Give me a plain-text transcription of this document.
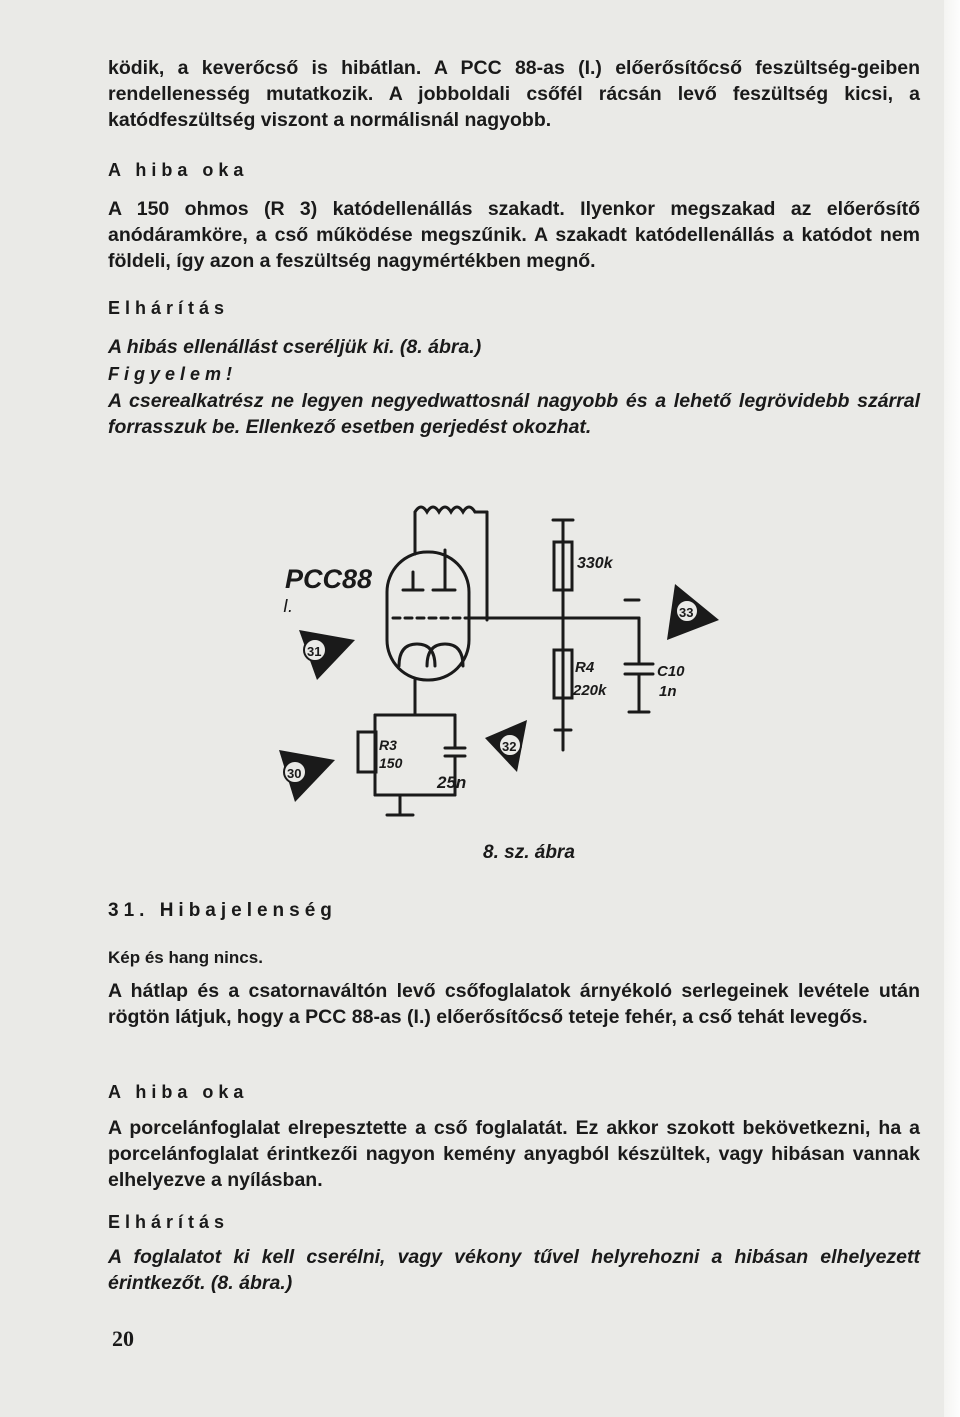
ködik, a keverőcső is hibátlan. A PCC 88-as (I.) előerősítőcső feszültség-geiben rendellenesség mutatkozik. A jobboldali csőfél rácsán levő feszültség kicsi, a katódfeszültség viszont a normálisnál nagyobb.

A hiba oka

A 150 ohmos (R 3) katódellenállás szakadt. Ilyenkor megszakad az előerősítő anódáramköre, a cső működése megszűnik. A szakadt katódellenállás a katódot nem földeli, így azon a feszültség nagymértékben megnő.

Elhárítás

A hibás ellenállást cseréljük ki. (8. ábra.)

Figyelem!

A cserealkatrész ne legyen negyedwattosnál nagyobb és a lehető legrövidebb szárral forrasszuk be. Ellenkező esetben gerjedést okozhat.

PCC88
I.
330k
R4
220k
C10
1n
R3
150
25n
31
30
32
33
8. sz. ábra
31. Hibajelenség

Kép és hang nincs.

A hátlap és a csatornaváltón levő csőfoglalatok árnyékoló serlegeinek levétele után rögtön látjuk, hogy a PCC 88-as (I.) előerősítőcső teteje fehér, a cső tehát levegős.

A hiba oka

A porcelánfoglalat elrepesztette a cső foglalatát. Ez akkor szokott bekövetkezni, ha a porcelánfoglalat érintkezői nagyon kemény anyagból készültek, vagy hibásan vannak elhelyezve a nyílásban.

Elhárítás

A foglalatot ki kell cserélni, vagy vékony tűvel helyrehozni a hibásan elhelyezett érintkezőt. (8. ábra.)

20
